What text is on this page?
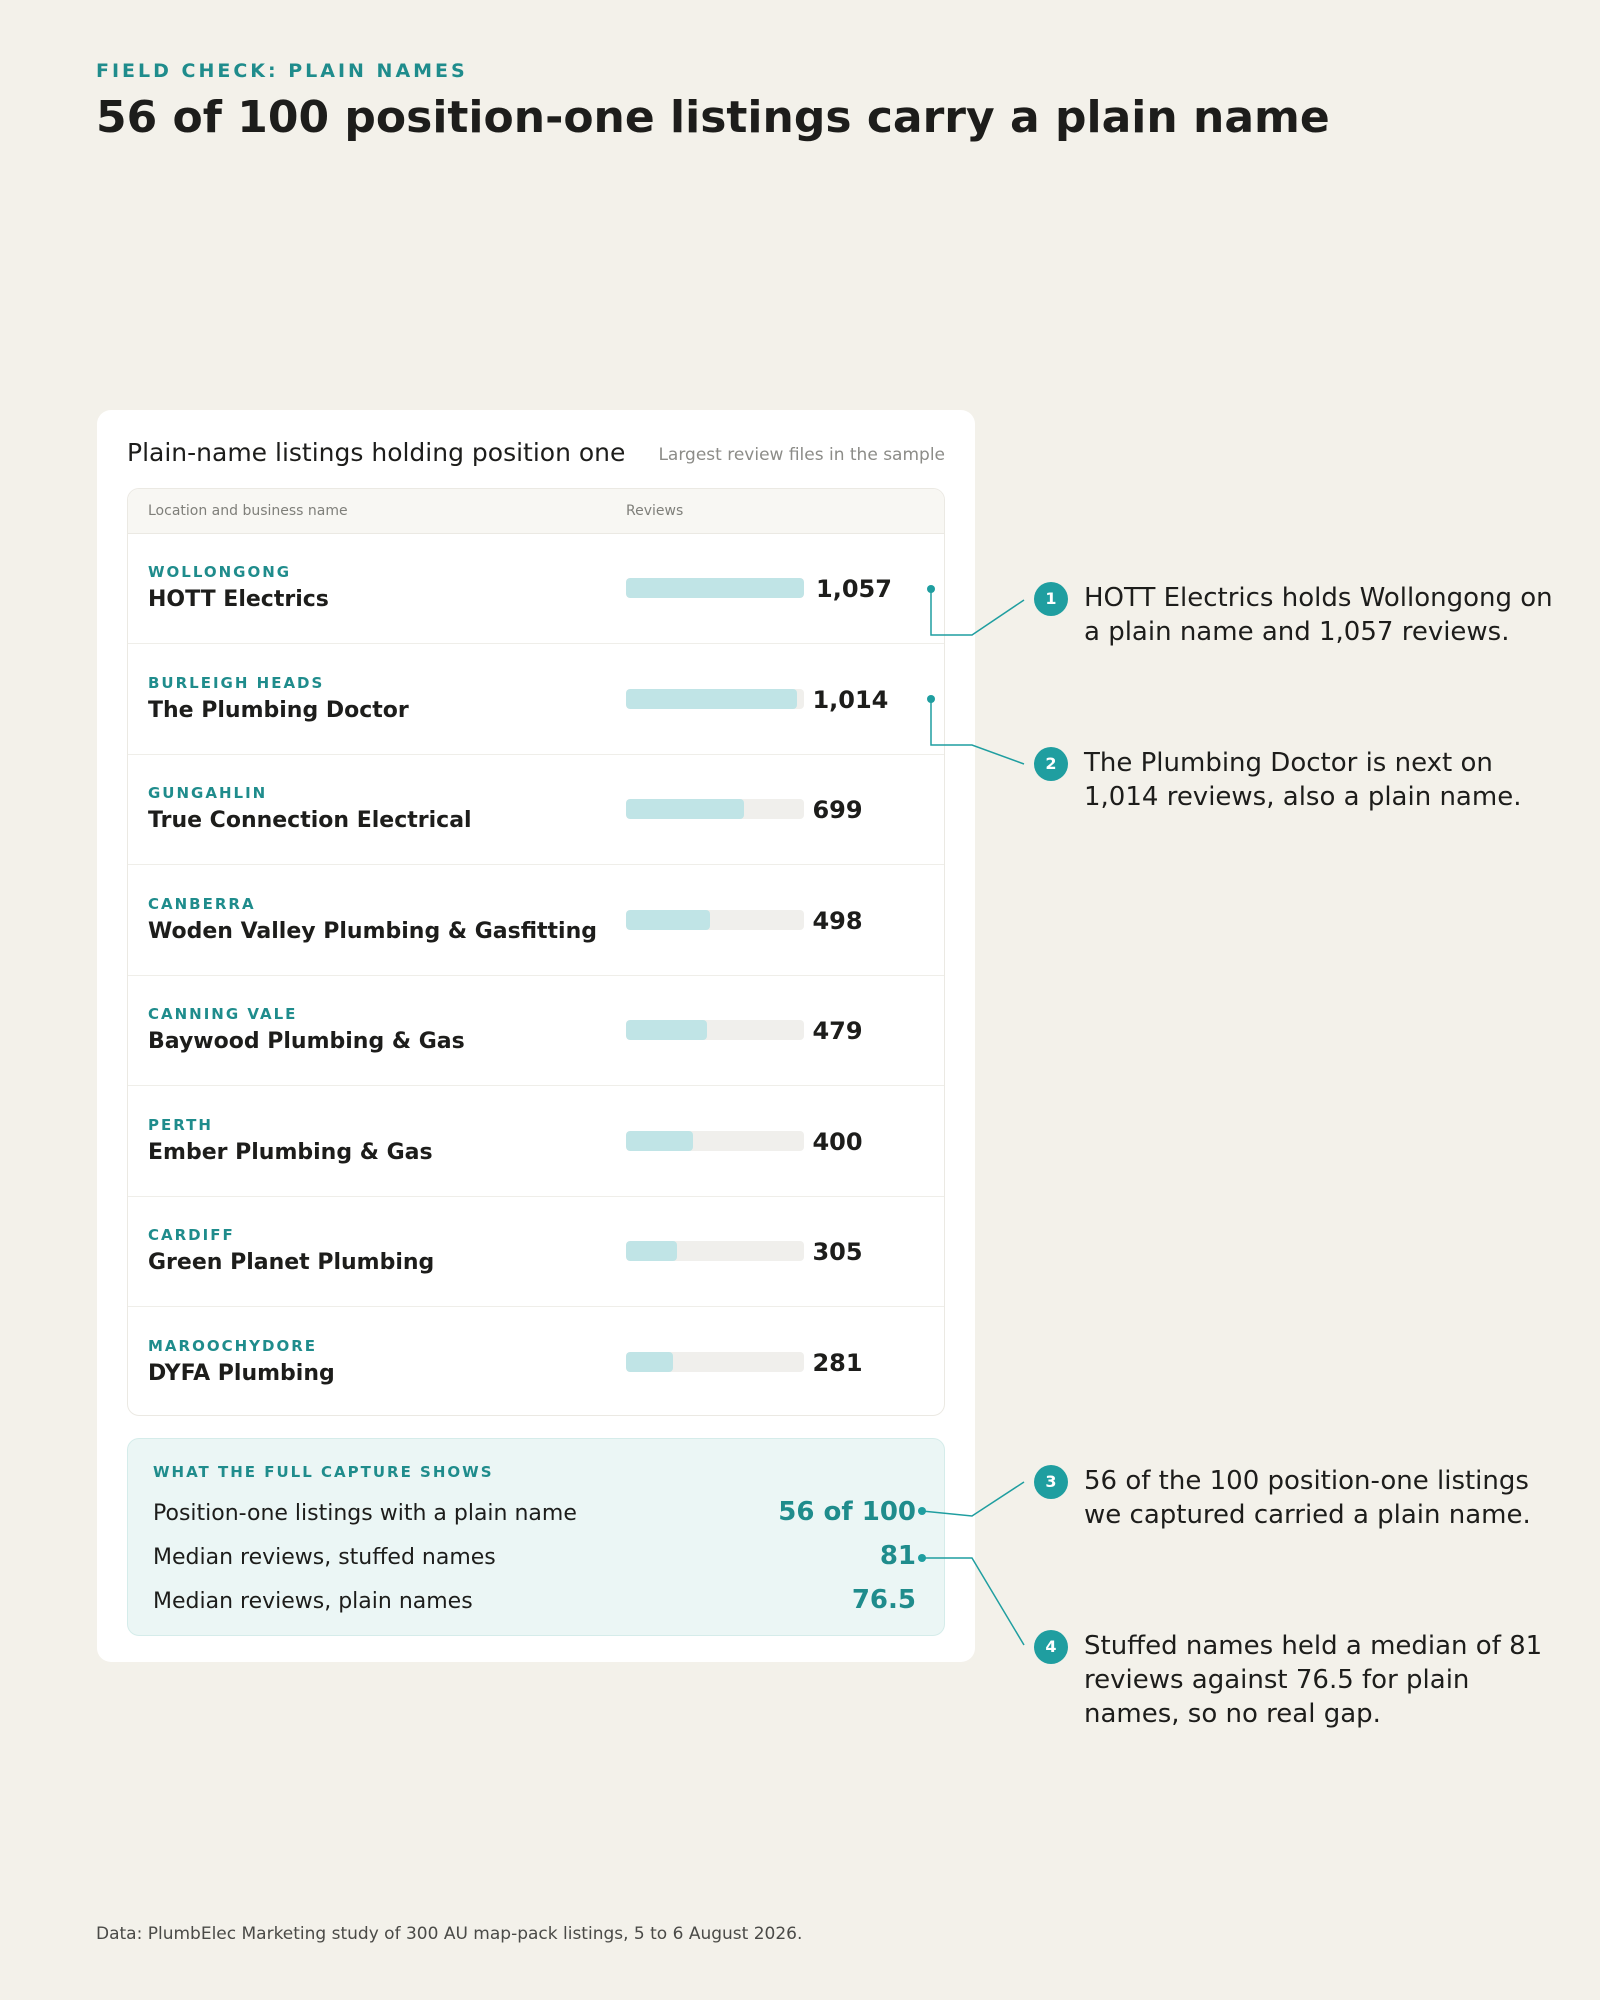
FIELD CHECK: PLAIN NAMES
56 of 100 position-one listings carry a plain name
Plain-name listings holding position one Largest review files in the sample
Location and business name	Reviews
WOLLONGONG
HOTT Electrics	1,057
BURLEIGH HEADS
The Plumbing Doctor	1,014
GUNGAHLIN
True Connection Electrical	699
CANBERRA
Woden Valley Plumbing & Gasfitting	498
CANNING VALE
Baywood Plumbing & Gas	479
PERTH
Ember Plumbing & Gas	400
CARDIFF
Green Planet Plumbing	305
MAROOCHYDORE
DYFA Plumbing	281
WHAT THE FULL CAPTURE SHOWS
Position-one listings with a plain name	56 of 100
Median reviews, stuffed names	81
Median reviews, plain names	76.5
1	HOTT Electrics holds Wollongong on a plain name and 1,057 reviews.
2	The Plumbing Doctor is next on 1,014 reviews, also a plain name.
3	56 of the 100 position-one listings we captured carried a plain name.
4	Stuffed names held a median of 81 reviews against 76.5 for plain names, so no real gap.
Data: PlumbElec Marketing study of 300 AU map-pack listings, 5 to 6 August 2026.
